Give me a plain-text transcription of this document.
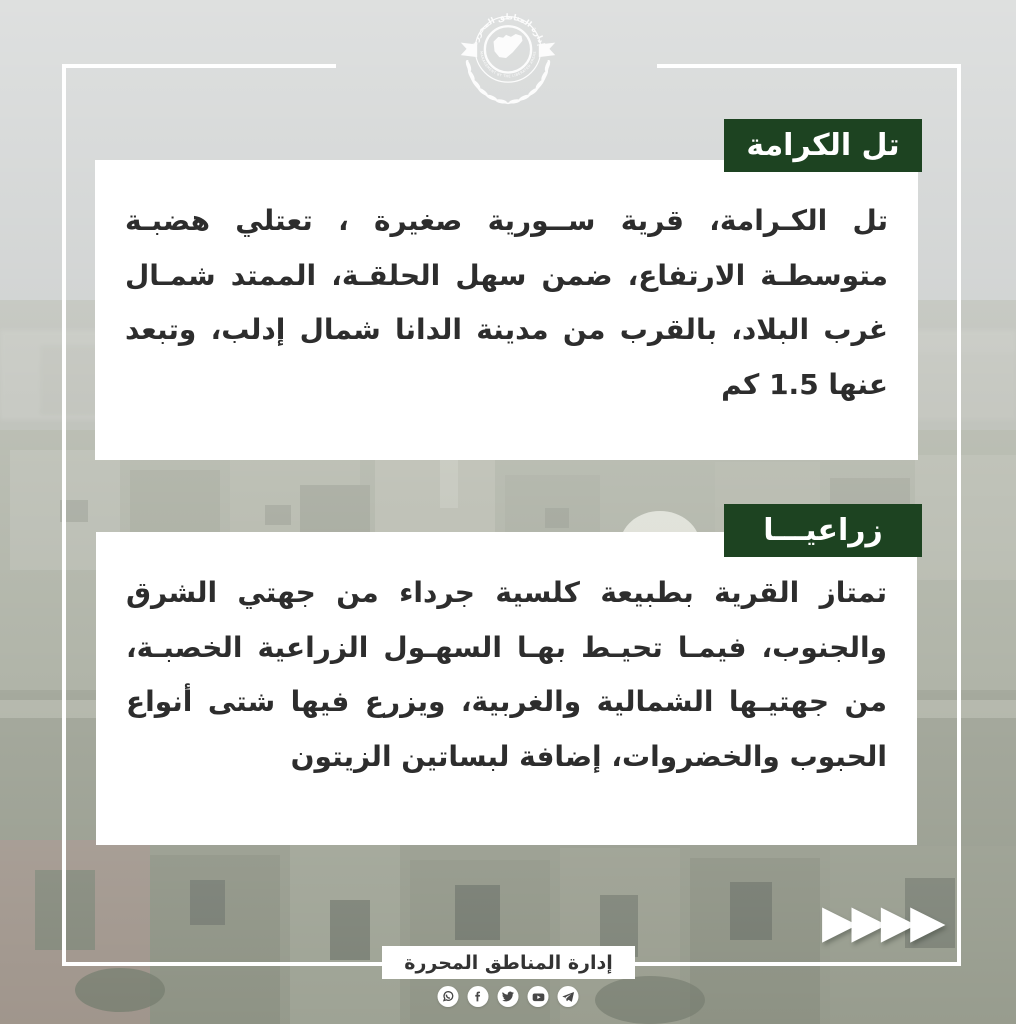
إدارة المناطق المحررة
MANAGEMENT BY THE LIBERATED AREAS
تل الكرامة

تل الكـرامة، قرية ســورية صغيرة ، تعتلي هضبـة متوسطـة الارتفاع، ضمن سهل الحلقـة، الممتد شمـال غرب البلاد، بالقرب من مدينة الدانا شمال إدلب، وتبعد عنها 1.5 كم

زراعيـــا

تمتاز القرية بطبيعة كلسية جرداء من جهتي الشرق والجنوب، فيمـا تحيـط بهـا السهـول الزراعية الخصبـة، من جهتيـها الشمالية والغربية، ويزرع فيها شتى أنواع الحبوب والخضروات، إضافة لبساتين الزيتون

▶
▶
▶
▶
إدارة المناطق المحررة
